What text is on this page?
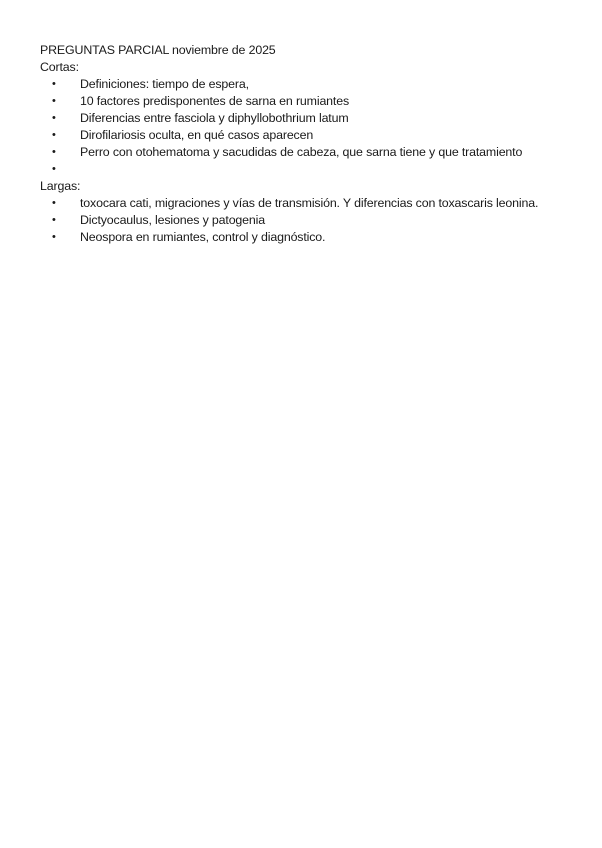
PREGUNTAS PARCIAL noviembre de 2025

Cortas:

• Definiciones: tiempo de espera,
• 10 factores predisponentes de sarna en rumiantes
• Diferencias entre fasciola y diphyllobothrium latum
• Dirofilariosis oculta, en qué casos aparecen
• Perro con otohematoma y sacudidas de cabeza, que sarna tiene y que tratamiento
•

Largas:

• toxocara cati, migraciones y vías de transmisión. Y diferencias con toxascaris leonina.
• Dictyocaulus, lesiones y patogenia
• Neospora en rumiantes, control y diagnóstico.
